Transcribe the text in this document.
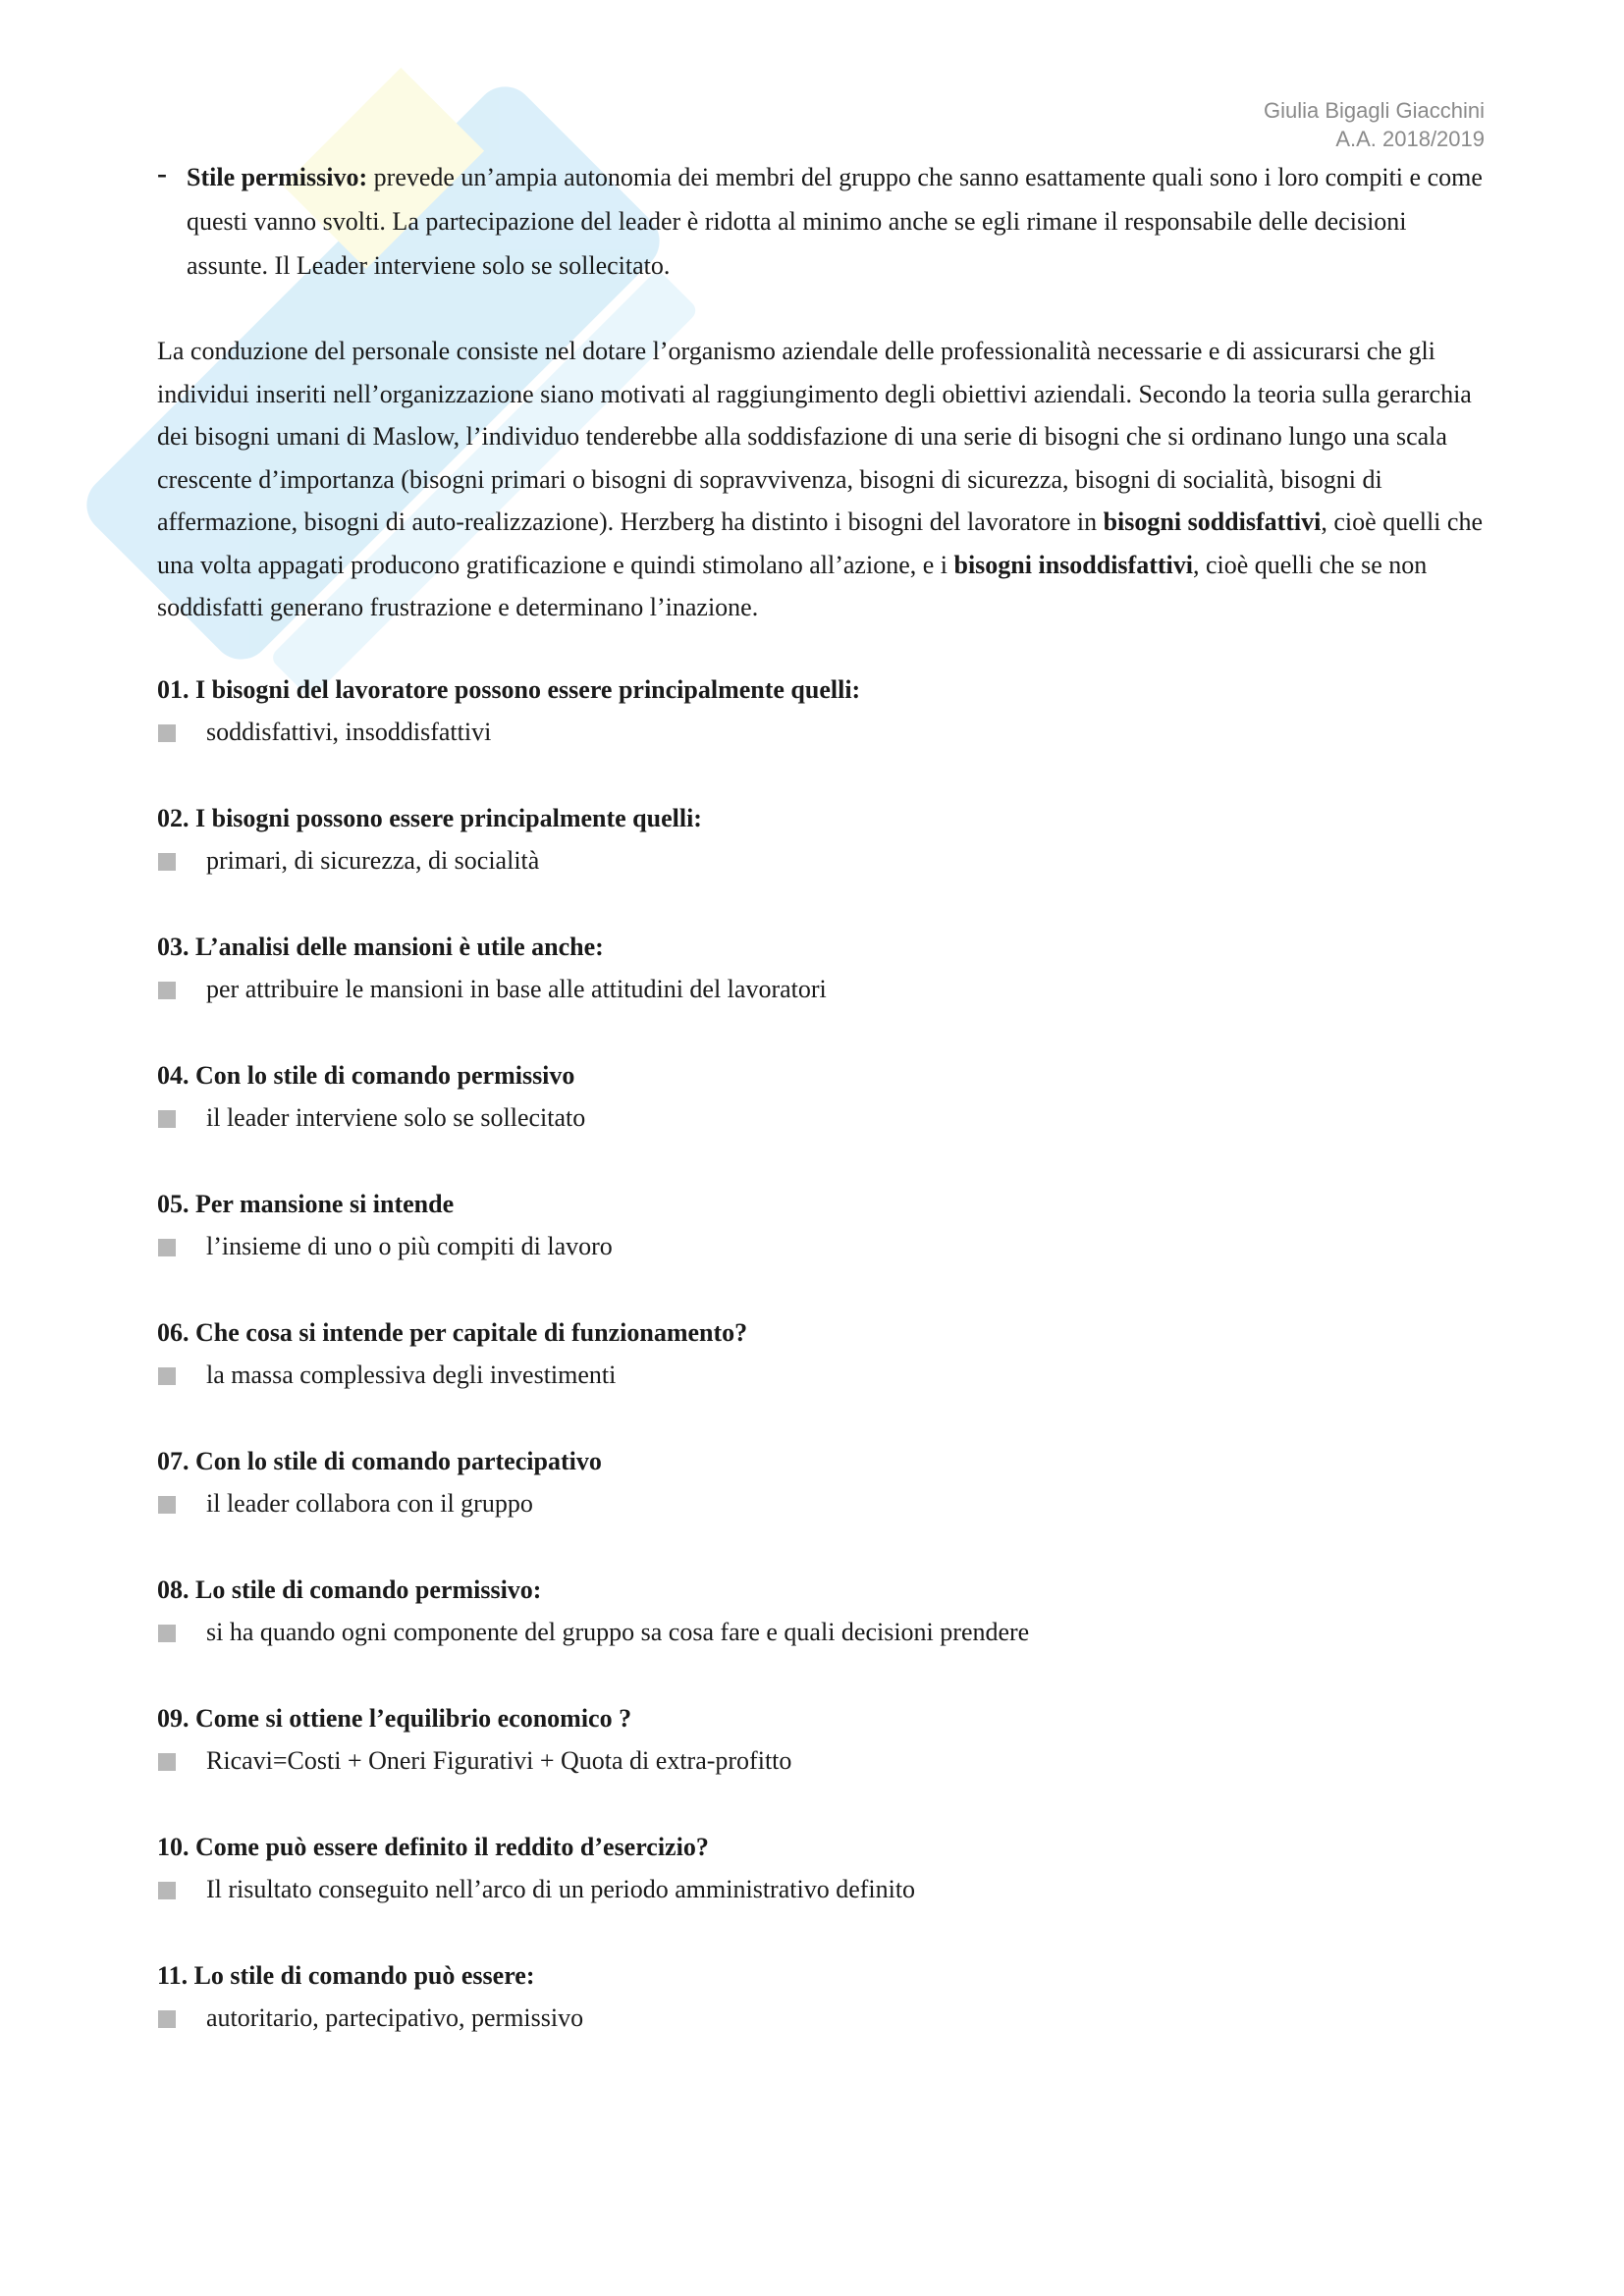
Giulia Bigagli Giacchini
A.A. 2018/2019
- Stile permissivo: prevede un’ampia autonomia dei membri del gruppo che sanno esattamente quali sono i loro compiti e come questi vanno svolti. La partecipazione del leader è ridotta al minimo anche se egli rimane il responsabile delle decisioni assunte. Il Leader interviene solo se sollecitato.
La conduzione del personale consiste nel dotare l’organismo aziendale delle professionalità necessarie e di assicurarsi che gli individui inseriti nell’organizzazione siano motivati al raggiungimento degli obiettivi aziendali. Secondo la teoria sulla gerarchia dei bisogni umani di Maslow, l’individuo tenderebbe alla soddisfazione di una serie di bisogni che si ordinano lungo una scala crescente d’importanza (bisogni primari o bisogni di sopravvivenza, bisogni di sicurezza, bisogni di socialità, bisogni di affermazione, bisogni di auto-realizzazione). Herzberg ha distinto i bisogni del lavoratore in bisogni soddisfattivi, cioè quelli che una volta appagati producono gratificazione e quindi stimolano all’azione, e i bisogni insoddisfattivi, cioè quelli che se non soddisfatti generano frustrazione e determinano l’inazione.
01. I bisogni del lavoratore possono essere principalmente quelli:
soddisfattivi, insoddisfattivi
02. I bisogni possono essere principalmente quelli:
primari, di sicurezza, di socialità
03. L’analisi delle mansioni è utile anche:
per attribuire le mansioni in base alle attitudini del lavoratori
04. Con lo stile di comando permissivo
il leader interviene solo se sollecitato
05. Per mansione si intende
l’insieme di uno o più compiti di lavoro
06. Che cosa si intende per capitale di funzionamento?
la massa complessiva degli investimenti
07. Con lo stile di comando partecipativo
il leader collabora con il gruppo
08. Lo stile di comando permissivo:
si ha quando ogni componente del gruppo sa cosa fare e quali decisioni prendere
09. Come si ottiene l’equilibrio economico ?
Ricavi=Costi + Oneri Figurativi + Quota di extra-profitto
10. Come può essere definito il reddito d’esercizio?
Il risultato conseguito nell’arco di un periodo amministrativo definito
11. Lo stile di comando può essere:
autoritario, partecipativo, permissivo
